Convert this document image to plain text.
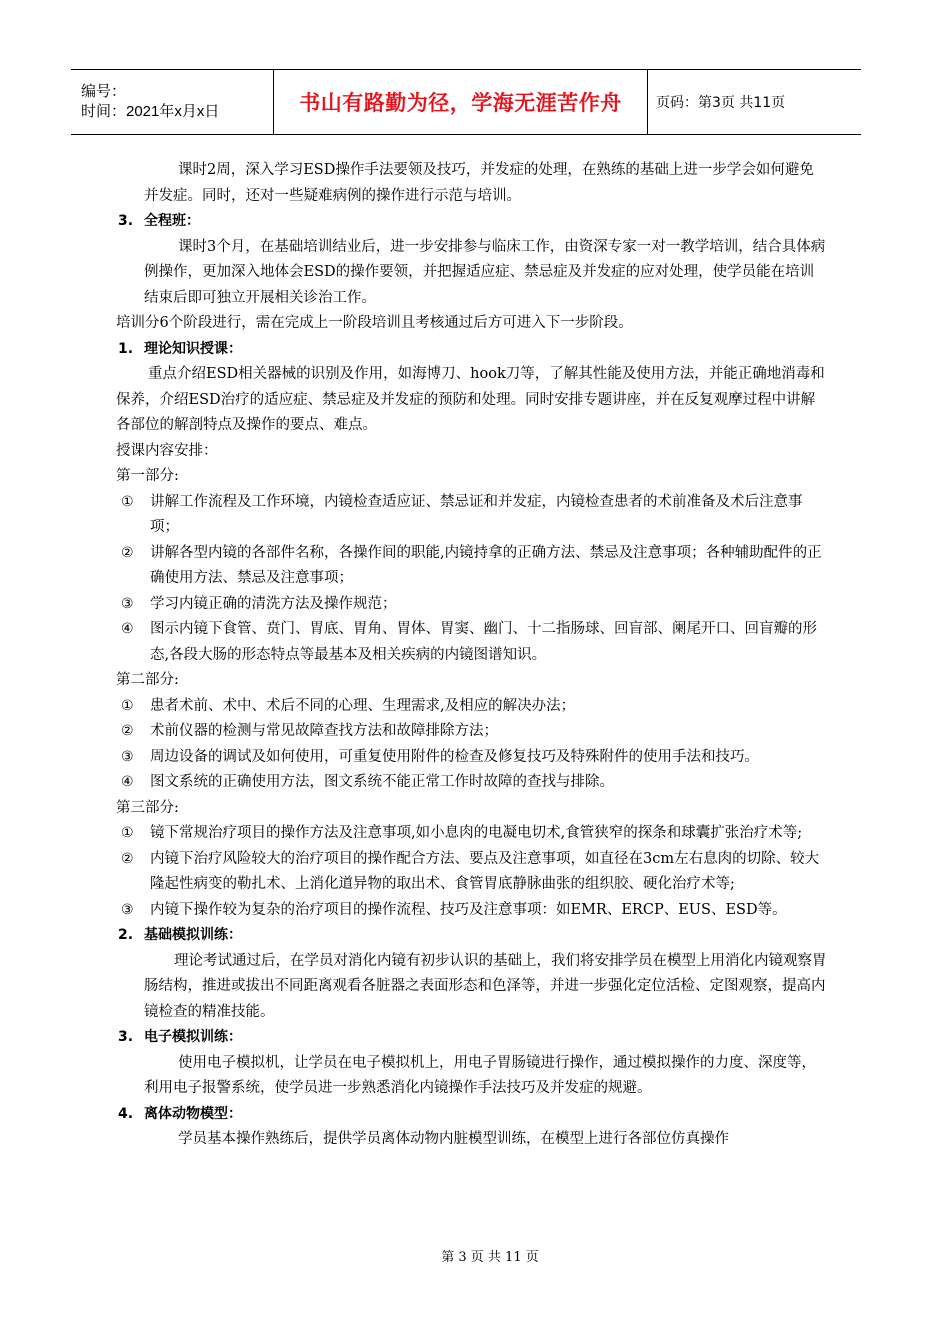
编号：
时间：2021年x月x日	书山有路勤为径，学海无涯苦作舟 页码：第3页 共11页

课时2周，深入学习ESD操作手法要领及技巧，并发症的处理，在熟练的基础上进一步学会如何避免并发症。同时，还对一些疑难病例的操作进行示范与培训。

3. 全程班：

课时3个月，在基础培训结业后，进一步安排参与临床工作，由资深专家一对一教学培训，结合具体病例操作，更加深入地体会ESD的操作要领，并把握适应症、禁忌症及并发症的应对处理，使学员能在培训结束后即可独立开展相关诊治工作。

培训分6个阶段进行，需在完成上一阶段培训且考核通过后方可进入下一步阶段。

1. 理论知识授课：

重点介绍ESD相关器械的识别及作用，如海博刀、hook刀等，了解其性能及使用方法，并能正确地消毒和保养，介绍ESD治疗的适应症、禁忌症及并发症的预防和处理。同时安排专题讲座，并在反复观摩过程中讲解各部位的解剖特点及操作的要点、难点。

授课内容安排：

第一部分:

①	讲解工作流程及工作环境，内镜检查适应证、禁忌证和并发症，内镜检查患者的术前准备及术后注意事项；
②	讲解各型内镜的各部件名称，各操作间的职能,内镜持拿的正确方法、禁忌及注意事项；各种辅助配件的正确使用方法、禁忌及注意事项；
③	学习内镜正确的清洗方法及操作规范；
④	图示内镜下食管、贲门、胃底、胃角、胃体、胃窦、幽门、十二指肠球、回盲部、阑尾开口、回盲瓣的形态,各段大肠的形态特点等最基本及相关疾病的内镜图谱知识。

第二部分:

①	患者术前、术中、术后不同的心理、生理需求,及相应的解决办法；
②	术前仪器的检测与常见故障查找方法和故障排除方法；
③	周边设备的调试及如何使用，可重复使用附件的检查及修复技巧及特殊附件的使用手法和技巧。
④	图文系统的正确使用方法，图文系统不能正常工作时故障的查找与排除。

第三部分:

①	镜下常规治疗项目的操作方法及注意事项,如小息肉的电凝电切术,食管狭窄的探条和球囊扩张治疗术等;
②	内镜下治疗风险较大的治疗项目的操作配合方法、要点及注意事项，如直径在3cm左右息肉的切除、较大隆起性病变的勒扎术、上消化道异物的取出术、食管胃底静脉曲张的组织胶、硬化治疗术等;
③	内镜下操作较为复杂的治疗项目的操作流程、技巧及注意事项：如EMR、ERCP、EUS、ESD等。

2. 基础模拟训练：

理论考试通过后，在学员对消化内镜有初步认识的基础上，我们将安排学员在模型上用消化内镜观察胃肠结构，推进或拔出不同距离观看各脏器之表面形态和色泽等，并进一步强化定位活检、定图观察，提高内镜检查的精准技能。

3. 电子模拟训练：

使用电子模拟机，让学员在电子模拟机上，用电子胃肠镜进行操作，通过模拟操作的力度、深度等，利用电子报警系统，使学员进一步熟悉消化内镜操作手法技巧及并发症的规避。

4. 离体动物模型：

学员基本操作熟练后，提供学员离体动物内脏模型训练，在模型上进行各部位仿真操作

第 3 页 共 11 页
